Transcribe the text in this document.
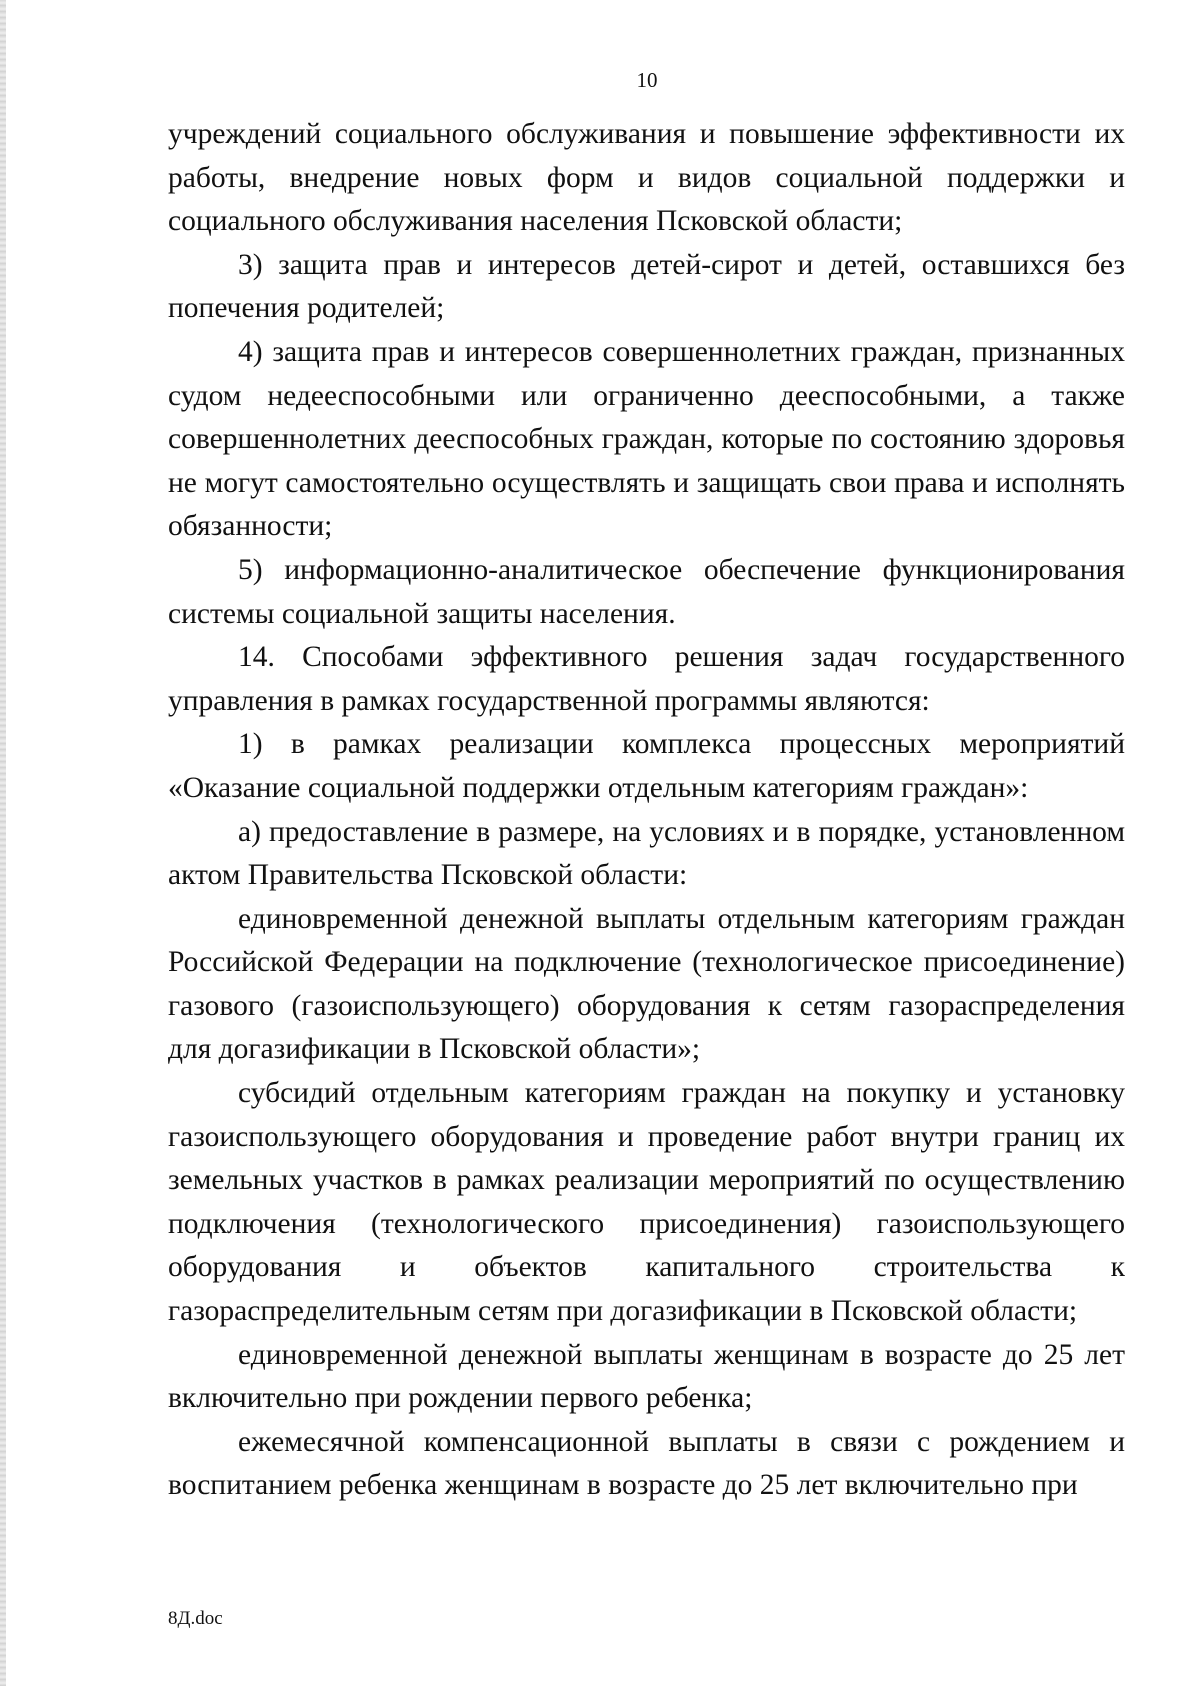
10

учреждений социального обслуживания и повышение эффективности их работы, внедрение новых форм и видов социальной поддержки и социального обслуживания населения Псковской области;

3) защита прав и интересов детей-сирот и детей, оставшихся без попечения родителей;

4) защита прав и интересов совершеннолетних граждан, признанных судом недееспособными или ограниченно дееспособными, а также совершеннолетних дееспособных граждан, которые по состоянию здоровья не могут самостоятельно осуществлять и защищать свои права и исполнять обязанности;

5) информационно-аналитическое обеспечение функционирования системы социальной защиты населения.

14. Способами эффективного решения задач государственного управления в рамках государственной программы являются:

1) в рамках реализации комплекса процессных мероприятий «Оказание социальной поддержки отдельным категориям граждан»:

а) предоставление в размере, на условиях и в порядке, установленном актом Правительства Псковской области:

единовременной денежной выплаты отдельным категориям граждан Российской Федерации на подключение (технологическое присоединение) газового (газоиспользующего) оборудования к сетям газораспределения для догазификации в Псковской области»;

субсидий отдельным категориям граждан на покупку и установку газоиспользующего оборудования и проведение работ внутри границ их земельных участков в рамках реализации мероприятий по осуществлению подключения (технологического присоединения) газоиспользующего оборудования и объектов капитального строительства к газораспределительным сетям при догазификации в Псковской области;

единовременной денежной выплаты женщинам в возрасте до 25 лет включительно при рождении первого ребенка;

ежемесячной компенсационной выплаты в связи с рождением и воспитанием ребенка женщинам в возрасте до 25 лет включительно при

8Д.doc
